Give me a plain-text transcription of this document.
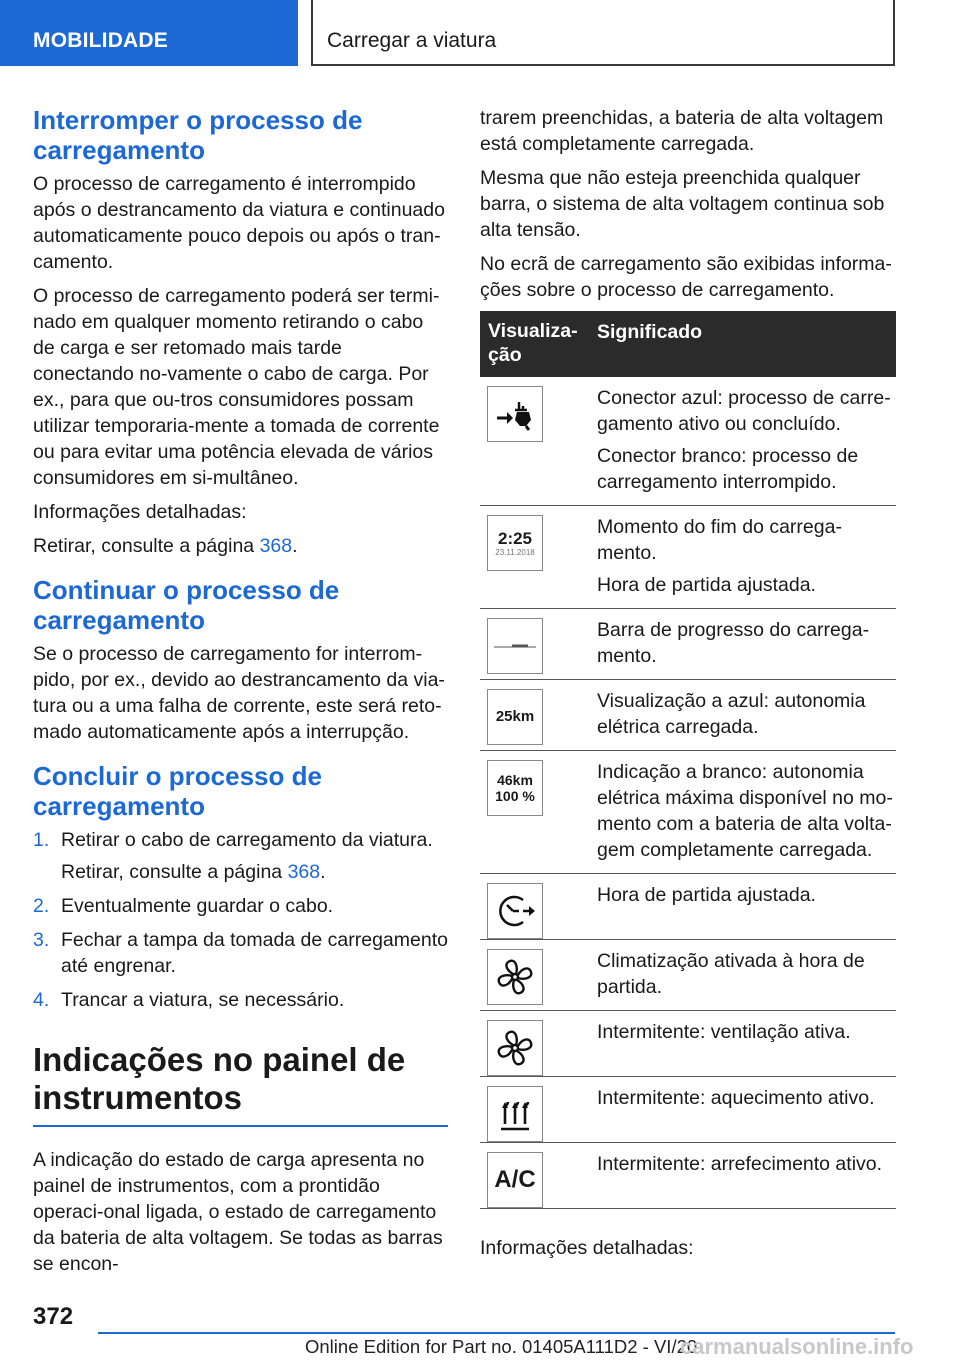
MOBILIDADE	Carregar a viatura
Interromper o processo de carregamento
O processo de carregamento é interrompido após o destrancamento da viatura e continuado automaticamente pouco depois ou após o tran-camento.
O processo de carregamento poderá ser termi-nado em qualquer momento retirando o cabo de carga e ser retomado mais tarde conectando no-vamente o cabo de carga. Por ex., para que ou-tros consumidores possam utilizar temporaria-mente a tomada de corrente ou para evitar uma potência elevada de vários consumidores em si-multâneo.
Informações detalhadas:
Retirar, consulte a página 368.
Continuar o processo de carregamento
Se o processo de carregamento for interrom-pido, por ex., devido ao destrancamento da via-tura ou a uma falha de corrente, este será reto-mado automaticamente após a interrupção.
Concluir o processo de carregamento
1. Retirar o cabo de carregamento da viatura.
Retirar, consulte a página 368.
2. Eventualmente guardar o cabo.
3. Fechar a tampa da tomada de carregamento até engrenar.
4. Trancar a viatura, se necessário.
Indicações no painel de instrumentos
A indicação do estado de carga apresenta no painel de instrumentos, com a prontidão operaci-onal ligada, o estado de carregamento da bateria de alta voltagem. Se todas as barras se encon-
trarem preenchidas, a bateria de alta voltagem está completamente carregada.
Mesma que não esteja preenchida qualquer barra, o sistema de alta voltagem continua sob alta tensão.
No ecrã de carregamento são exibidas informa-ções sobre o processo de carregamento.
Visualiza-ção
Significado
Conector azul: processo de carre-gamento ativo ou concluído.
Conector branco: processo de carregamento interrompido.
2:25
23.11.2018
Momento do fim do carrega-mento.
Hora de partida ajustada.
Barra de progresso do carrega-mento.
25km
Visualização a azul: autonomia elétrica carregada.
46km
100 %
Indicação a branco: autonomia elétrica máxima disponível no mo-mento com a bateria de alta volta-gem completamente carregada.
Hora de partida ajustada.
Climatização ativada à hora de partida.
Intermitente: ventilação ativa.
Intermitente: aquecimento ativo.
A/C
Intermitente: arrefecimento ativo.
Informações detalhadas:
372
Online Edition for Part no. 01405A111D2 - VI/20
carmanualsonline.info
